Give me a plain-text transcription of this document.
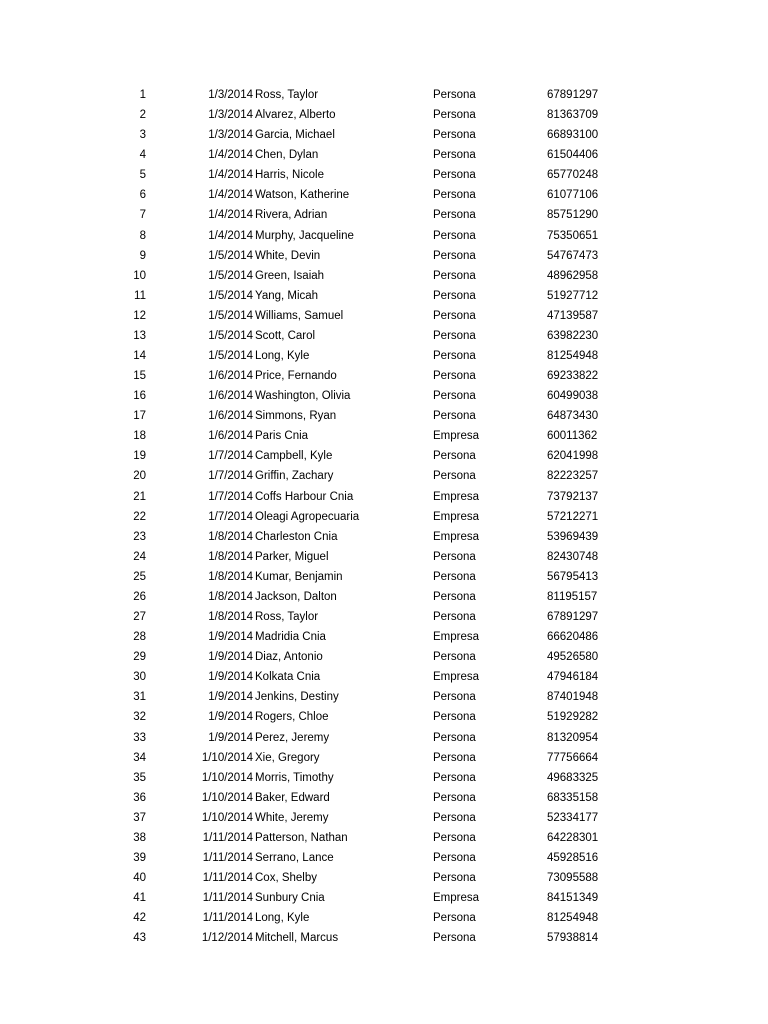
1	1/3/2014 Ross, Taylor	Persona	67891297
2	1/3/2014 Alvarez, Alberto	Persona	81363709
3	1/3/2014 Garcia, Michael	Persona	66893100
4	1/4/2014 Chen, Dylan	Persona	61504406
5	1/4/2014 Harris, Nicole	Persona	65770248
6	1/4/2014 Watson, Katherine	Persona	61077106
7	1/4/2014 Rivera, Adrian	Persona	85751290
8	1/4/2014 Murphy, Jacqueline	Persona	75350651
9	1/5/2014 White, Devin	Persona	54767473
10	1/5/2014 Green, Isaiah	Persona	48962958
11	1/5/2014 Yang, Micah	Persona	51927712
12	1/5/2014 Williams, Samuel	Persona	47139587
13	1/5/2014 Scott, Carol	Persona	63982230
14	1/5/2014 Long, Kyle	Persona	81254948
15	1/6/2014 Price, Fernando	Persona	69233822
16	1/6/2014 Washington, Olivia	Persona	60499038
17	1/6/2014 Simmons, Ryan	Persona	64873430
18	1/6/2014 Paris Cnia	Empresa	60011362
19	1/7/2014 Campbell, Kyle	Persona	62041998
20	1/7/2014 Griffin, Zachary	Persona	82223257
21	1/7/2014 Coffs Harbour Cnia	Empresa	73792137
22	1/7/2014 Oleagi Agropecuaria	Empresa	57212271
23	1/8/2014 Charleston Cnia	Empresa	53969439
24	1/8/2014 Parker, Miguel	Persona	82430748
25	1/8/2014 Kumar, Benjamin	Persona	56795413
26	1/8/2014 Jackson, Dalton	Persona	81195157
27	1/8/2014 Ross, Taylor	Persona	67891297
28	1/9/2014 Madridia Cnia	Empresa	66620486
29	1/9/2014 Diaz, Antonio	Persona	49526580
30	1/9/2014 Kolkata Cnia	Empresa	47946184
31	1/9/2014 Jenkins, Destiny	Persona	87401948
32	1/9/2014 Rogers, Chloe	Persona	51929282
33	1/9/2014 Perez, Jeremy	Persona	81320954
34	1/10/2014 Xie, Gregory	Persona	77756664
35	1/10/2014 Morris, Timothy	Persona	49683325
36	1/10/2014 Baker, Edward	Persona	68335158
37	1/10/2014 White, Jeremy	Persona	52334177
38	1/11/2014 Patterson, Nathan	Persona	64228301
39	1/11/2014 Serrano, Lance	Persona	45928516
40	1/11/2014 Cox, Shelby	Persona	73095588
41	1/11/2014 Sunbury Cnia	Empresa	84151349
42	1/11/2014 Long, Kyle	Persona	81254948
43	1/12/2014 Mitchell, Marcus	Persona	57938814
